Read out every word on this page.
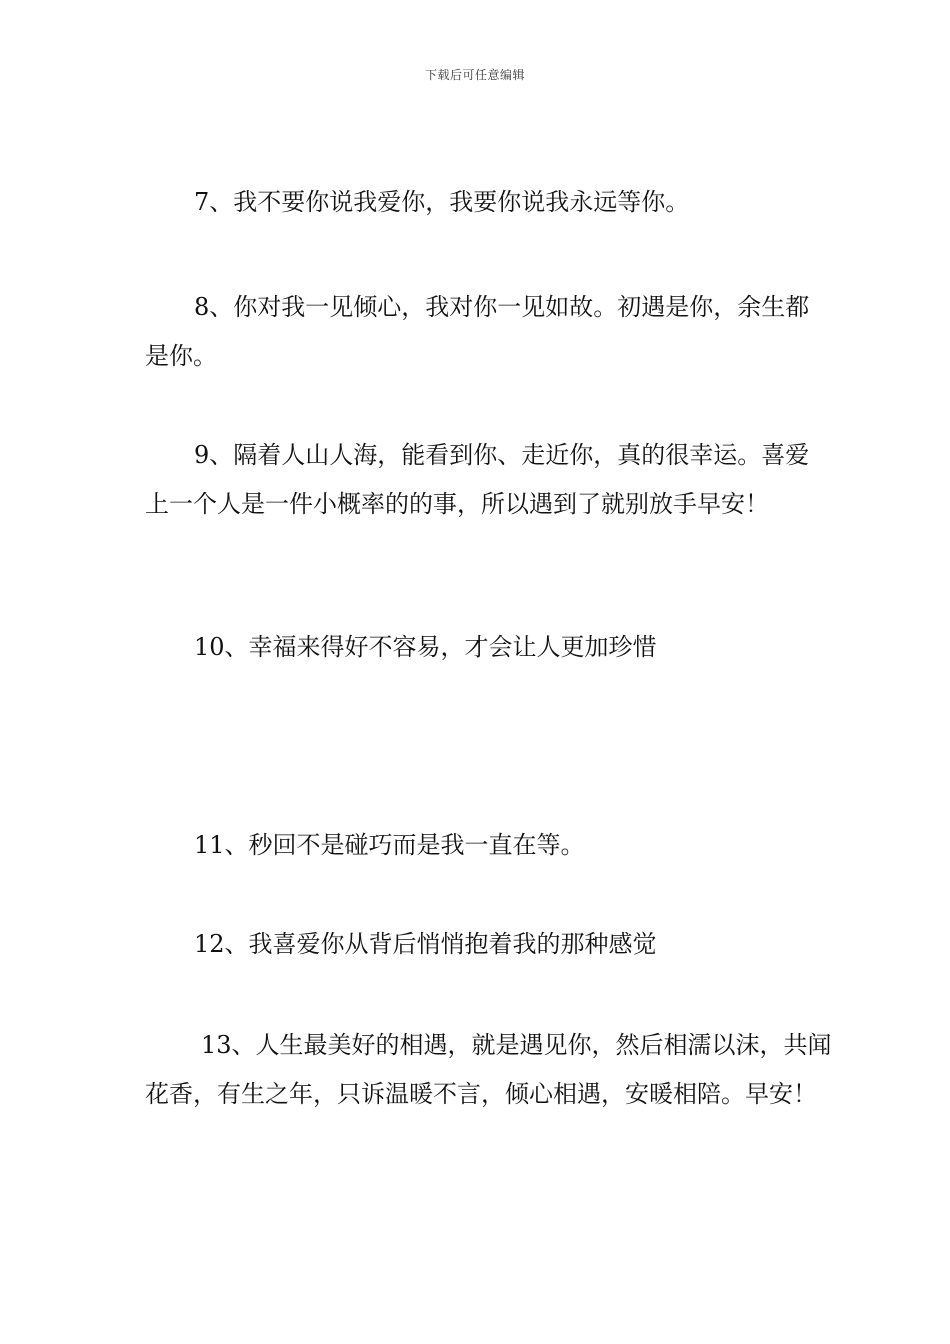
下载后可任意编辑

7、我不要你说我爱你，我要你说我永远等你。

8、你对我一见倾心，我对你一见如故。初遇是你，余生都是你。

9、隔着人山人海，能看到你、走近你，真的很幸运。喜爱上一个人是一件小概率的的事，所以遇到了就别放手早安！

10、幸福来得好不容易，才会让人更加珍惜

11、秒回不是碰巧而是我一直在等。

12、我喜爱你从背后悄悄抱着我的那种感觉

13、人生最美好的相遇，就是遇见你，然后相濡以沫，共闻花香，有生之年，只诉温暖不言，倾心相遇，安暖相陪。早安！
